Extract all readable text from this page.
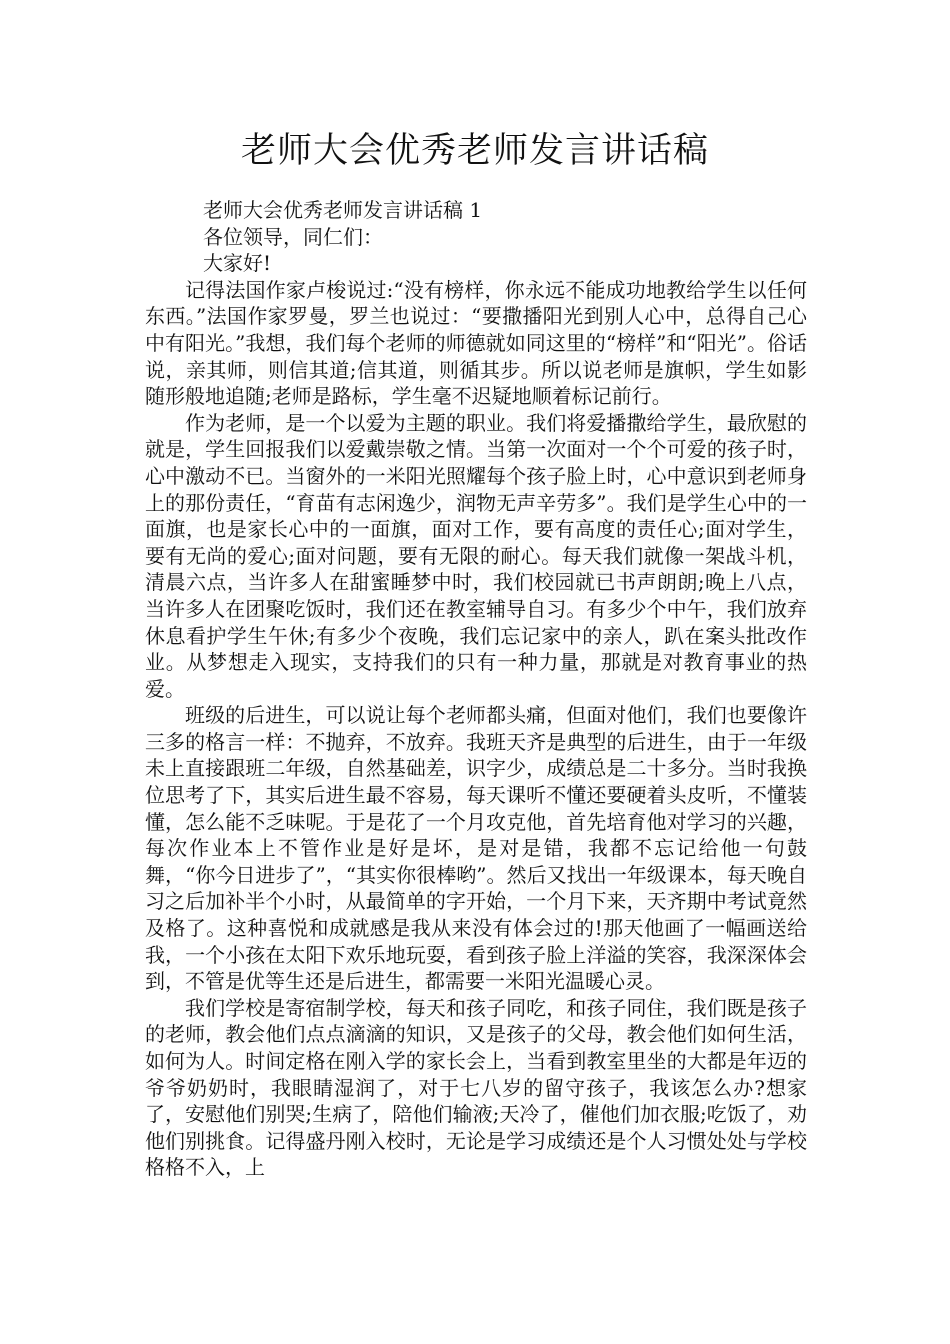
老师大会优秀老师发言讲话稿

老师大会优秀老师发言讲话稿 1

各位领导，同仁们：

大家好!

记得法国作家卢梭说过:“没有榜样，你永远不能成功地教给学生以任何东西。”法国作家罗曼，罗兰也说过：“要撒播阳光到别人心中，总得自己心中有阳光。”我想，我们每个老师的师德就如同这里的“榜样”和“阳光”。俗话说，亲其师，则信其道;信其道，则循其步。所以说老师是旗帜，学生如影随形般地追随;老师是路标，学生毫不迟疑地顺着标记前行。

作为老师，是一个以爱为主题的职业。我们将爱播撒给学生，最欣慰的就是，学生回报我们以爱戴崇敬之情。当第一次面对一个个可爱的孩子时，心中激动不已。当窗外的一米阳光照耀每个孩子脸上时，心中意识到老师身上的那份责任，“育苗有志闲逸少，润物无声辛劳多”。我们是学生心中的一面旗，也是家长心中的一面旗，面对工作，要有高度的责任心;面对学生，要有无尚的爱心;面对问题，要有无限的耐心。每天我们就像一架战斗机，清晨六点，当许多人在甜蜜睡梦中时，我们校园就已书声朗朗;晚上八点，当许多人在团聚吃饭时，我们还在教室辅导自习。有多少个中午，我们放弃休息看护学生午休;有多少个夜晚，我们忘记家中的亲人，趴在案头批改作业。从梦想走入现实，支持我们的只有一种力量，那就是对教育事业的热爱。

班级的后进生，可以说让每个老师都头痛，但面对他们，我们也要像许三多的格言一样：不抛弃，不放弃。我班天齐是典型的后进生，由于一年级未上直接跟班二年级，自然基础差，识字少，成绩总是二十多分。当时我换位思考了下，其实后进生最不容易，每天课听不懂还要硬着头皮听，不懂装懂，怎么能不乏味呢。于是花了一个月攻克他，首先培育他对学习的兴趣，每次作业本上不管作业是好是坏，是对是错，我都不忘记给他一句鼓舞，“你今日进步了”，“其实你很棒哟”。然后又找出一年级课本，每天晚自习之后加补半个小时，从最简单的字开始，一个月下来，天齐期中考试竟然及格了。这种喜悦和成就感是我从来没有体会过的!那天他画了一幅画送给我，一个小孩在太阳下欢乐地玩耍，看到孩子脸上洋溢的笑容，我深深体会到，不管是优等生还是后进生，都需要一米阳光温暖心灵。

我们学校是寄宿制学校，每天和孩子同吃，和孩子同住，我们既是孩子的老师，教会他们点点滴滴的知识，又是孩子的父母，教会他们如何生活，如何为人。时间定格在刚入学的家长会上，当看到教室里坐的大都是年迈的爷爷奶奶时，我眼睛湿润了，对于七八岁的留守孩子，我该怎么办?想家了，安慰他们别哭;生病了，陪他们输液;天冷了，催他们加衣服;吃饭了，劝他们别挑食。记得盛丹刚入校时，无论是学习成绩还是个人习惯处处与学校格格不入，上
